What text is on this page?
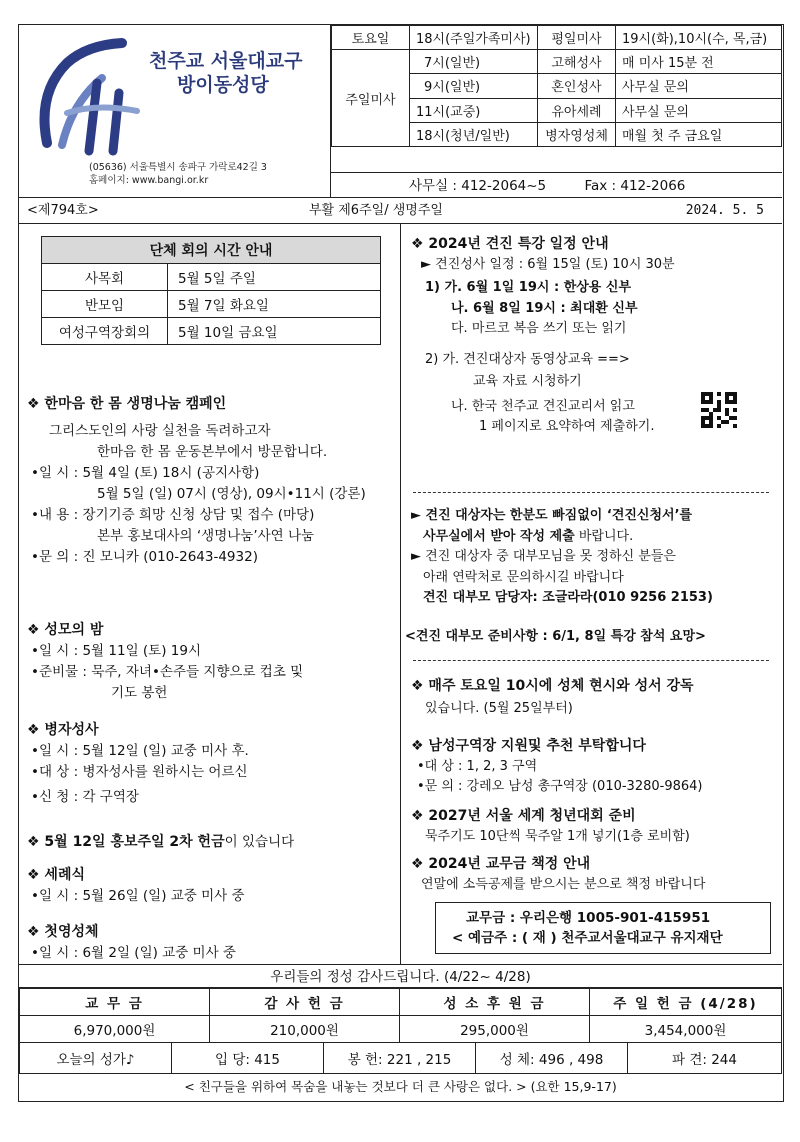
천주교 서울대교구
방이동성당
(05636) 서울특별시 송파구 가락로42길 3
홈페이지: www.bangi.or.kr
토요일	18시(주일가족미사)	평일미사	19시(화),10시(수, 목,금)
주일미사	7시(일반)	고해성사	매 미사 15분 전
	9시(일반)	혼인성사	사무실 문의
	11시(교중)	유아세례	사무실 문의
	18시(청년/일반)	병자영성체	매월 첫 주 금요일
사무실 : 412-2064~5	Fax : 412-2066
<제794호>	부활 제6주일/ 생명주일	2024. 5. 5
단체 회의 시간 안내	
사목회	5월 5일 주일
반모임	5월 7일 화요일
여성구역장회의	5월 10일 금요일
❖ 한마음 한 몸 생명나눔 캠페인
그리스도인의 사랑 실천을 독려하고자
한마음 한 몸 운동본부에서 방문합니다.
•일 시 : 5월 4일 (토) 18시 (공지사항)
5월 5일 (일) 07시 (영상), 09시•11시 (강론)
•내 용 : 장기기증 희망 신청 상담 및 접수 (마당)
본부 홍보대사의 ‘생명나눔’사연 나눔
•문 의 : 진 모니카 (010-2643-4932)
❖ 성모의 밤
•일 시 : 5월 11일 (토) 19시
•준비물 : 묵주, 자녀•손주들 지향으로 컵초 및
기도 봉헌
❖ 병자성사
•일 시 : 5월 12일 (일) 교중 미사 후.
•대 상 : 병자성사를 원하시는 어르신
•신 청 : 각 구역장
❖ 5월 12일 홍보주일 2차 헌금이 있습니다
❖ 세례식
•일 시 : 5월 26일 (일) 교중 미사 중
❖ 첫영성체
•일 시 : 6월 2일 (일) 교중 미사 중
❖ 2024년 견진 특강 일정 안내
► 견진성사 일정 : 6월 15일 (토) 10시 30분
1) 가. 6월 1일 19시 : 한상용 신부
나. 6월 8일 19시 : 최대환 신부
다. 마르코 복음 쓰기 또는 읽기
2) 가. 견진대상자 동영상교육 ==>
교육 자료 시청하기
나. 한국 천주교 견진교리서 읽고
1 페이지로 요약하여 제출하기.
► 견진 대상자는 한분도 빠짐없이 ‘견진신청서’를
사무실에서 받아 작성 제출 바랍니다.
► 견진 대상자 중 대부모님을 못 정하신 분들은
아래 연락처로 문의하시길 바랍니다
견진 대부모 담당자: 조글라라(010 9256 2153)
<견진 대부모 준비사항 : 6/1, 8일 특강 참석 요망>
❖ 매주 토요일 10시에 성체 현시와 성서 강독
있습니다. (5월 25일부터)
❖ 남성구역장 지원및 추천 부탁합니다
•대 상 : 1, 2, 3 구역
•문 의 : 강레오 남성 총구역장 (010-3280-9864)
❖ 2027년 서울 세계 청년대회 준비
묵주기도 10단씩 묵주알 1개 넣기(1층 로비함)
❖ 2024년 교무금 책정 안내
연말에 소득공제를 받으시는 분으로 책정 바랍니다
교무금 : 우리은행 1005-901-415951
< 예금주 : ( 재 ) 천주교서울대교구 유지재단
우리들의 정성 감사드립니다. (4/22~ 4/28)
교 무 금	감 사 헌 금	성 소 후 원 금	주 일 헌 금 (4/28)
6,970,000원	210,000원	295,000원	3,454,000원
오늘의 성가♪	입 당: 415	봉 헌: 221 , 215	성 체: 496 , 498	파 견: 244
< 친구들을 위하여 목숨을 내놓는 것보다 더 큰 사랑은 없다. > (요한 15,9-17)
